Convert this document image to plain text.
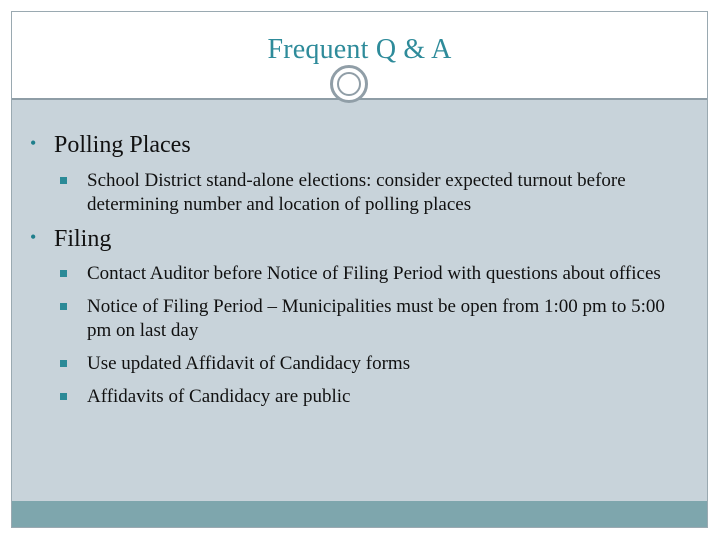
Frequent Q & A

• Polling Places

School District stand-alone elections: consider expected turnout before determining number and location of polling places

• Filing

Contact Auditor before Notice of Filing Period with questions about offices

Notice of Filing Period – Municipalities must be open from 1:00 pm to 5:00 pm on last day

Use updated Affidavit of Candidacy forms

Affidavits of Candidacy are public
